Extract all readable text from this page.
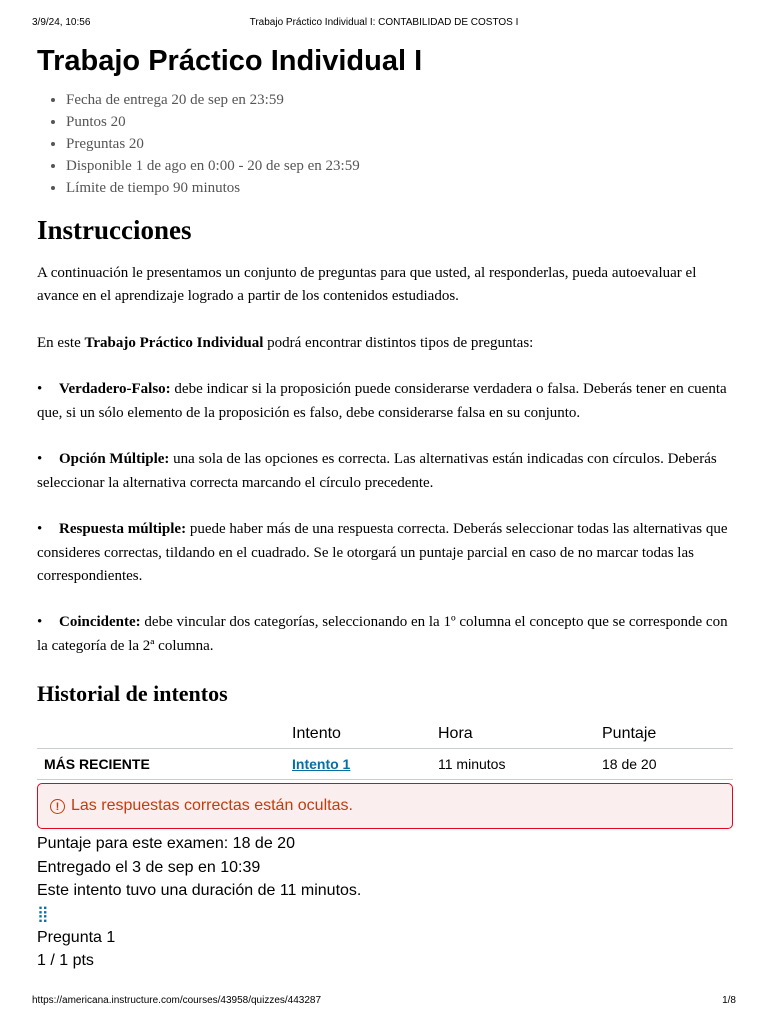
3/9/24, 10:56	Trabajo Práctico Individual I: CONTABILIDAD DE COSTOS I
Trabajo Práctico Individual I
• Fecha de entrega 20 de sep en 23:59
• Puntos 20
• Preguntas 20
• Disponible 1 de ago en 0:00 - 20 de sep en 23:59
• Límite de tiempo 90 minutos
Instrucciones

A continuación le presentamos un conjunto de preguntas para que usted, al responderlas, pueda autoevaluar el avance en el aprendizaje logrado a partir de los contenidos estudiados.

En este Trabajo Práctico Individual podrá encontrar distintos tipos de preguntas:

• Verdadero-Falso: debe indicar si la proposición puede considerarse verdadera o falsa. Deberás tener en cuenta que, si un sólo elemento de la proposición es falso, debe considerarse falsa en su conjunto.

• Opción Múltiple: una sola de las opciones es correcta. Las alternativas están indicadas con círculos. Deberás seleccionar la alternativa correcta marcando el círculo precedente.

• Respuesta múltiple: puede haber más de una respuesta correcta. Deberás seleccionar todas las alternativas que consideres correctas, tildando en el cuadrado. Se le otorgará un puntaje parcial en caso de no marcar todas las correspondientes.

• Coincidente: debe vincular dos categorías, seleccionando en la 1º columna el concepto que se corresponde con la categoría de la 2ª columna.

Historial de intentos
	Intento	Hora	Puntaje
MÁS RECIENTE	Intento 1	11 minutos	18 de 20
! Las respuestas correctas están ocultas.
Puntaje para este examen: 18 de 20
Entregado el 3 de sep en 10:39
Este intento tuvo una duración de 11 minutos.
⣿
Pregunta 1
1 / 1 pts
https://americana.instructure.com/courses/43958/quizzes/443287	1/8
